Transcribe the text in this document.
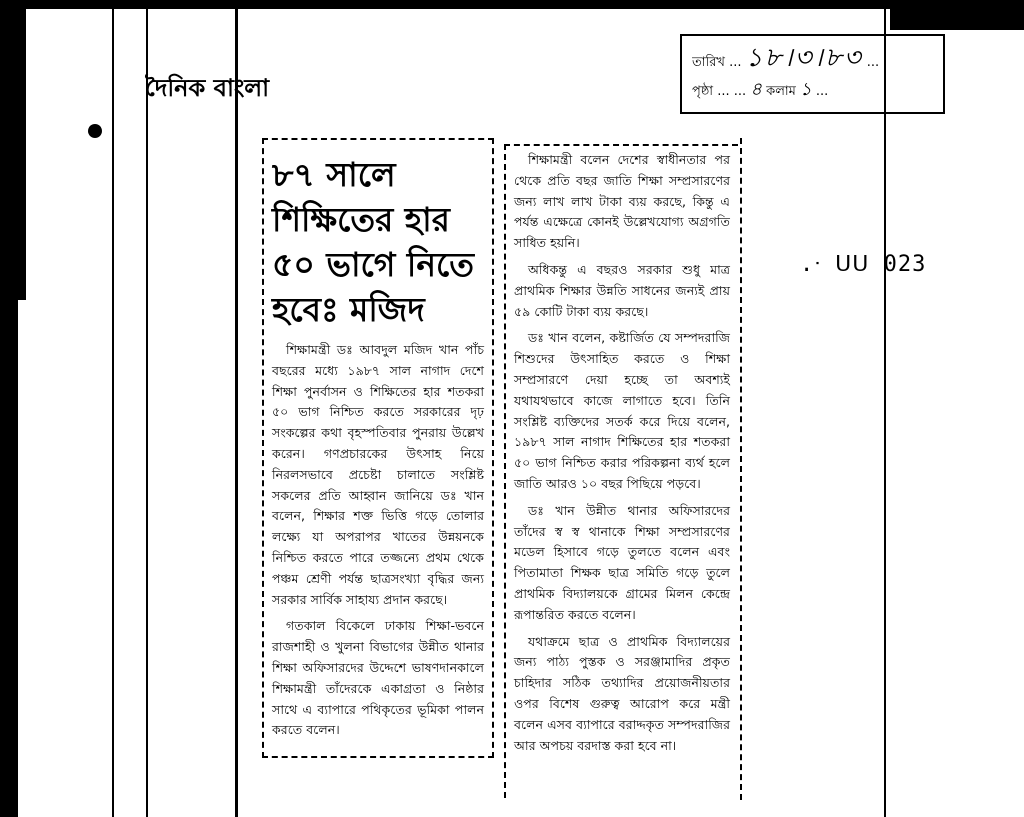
দৈনিক বাংলা
তারিখ ... ১৮।৩।৮৩ ...
পৃষ্ঠা ... ... ৪ কলাম ১ ...
.ᐧ ᑌᑌ 023
৮৭ সালে
শিক্ষিতের হার
৫০ ভাগে নিতে
হবেঃ মজিদ

শিক্ষামন্ত্রী ডঃ আবদুল মজিদ খান পাঁচ বছরের মধ্যে ১৯৮৭ সাল নাগাদ দেশে শিক্ষা পুনর্বাসন ও শিক্ষিতের হার শতকরা ৫০ ভাগ নিশ্চিত করতে সরকারের দৃঢ় সংকল্পের কথা বৃহস্পতিবার পুনরায় উল্লেখ করেন। গণপ্রচারকের উৎসাহ নিয়ে নিরলসভাবে প্রচেষ্টা চালাতে সংশ্লিষ্ট সকলের প্রতি আহ্বান জানিয়ে ডঃ খান বলেন, শিক্ষার শক্ত ভিত্তি গড়ে তোলার লক্ষ্যে যা অপরাপর খাতের উন্নয়নকে নিশ্চিত করতে পারে তজ্জন্যে প্রথম থেকে পঞ্চম শ্রেণী পর্যন্ত ছাত্রসংখ্যা বৃদ্ধির জন্য সরকার সার্বিক সাহায্য প্রদান করছে।

গতকাল বিকেলে ঢাকায় শিক্ষা-ভবনে রাজশাহী ও খুলনা বিভাগের উন্নীত থানার শিক্ষা অফিসারদের উদ্দেশে ভাষণদানকালে শিক্ষামন্ত্রী তাঁদেরকে একাগ্রতা ও নিষ্ঠার সাথে এ ব্যাপারে পথিকৃতের ভূমিকা পালন করতে বলেন।

শিক্ষামন্ত্রী বলেন দেশের স্বাধীনতার পর থেকে প্রতি বছর জাতি শিক্ষা সম্প্রসারণের জন্য লাখ লাখ টাকা ব্যয় করছে, কিন্তু এ পর্যন্ত এক্ষেত্রে কোনই উল্লেখযোগ্য অগ্রগতি সাধিত হয়নি।

অধিকন্তু এ বছরও সরকার শুধু মাত্র প্রাথমিক শিক্ষার উন্নতি সাধনের জন্যই প্রায় ৫৯ কোটি টাকা ব্যয় করছে।

ডঃ খান বলেন, কষ্টার্জিত যে সম্পদরাজি শিশুদের উৎসাহিত করতে ও শিক্ষা সম্প্রসারণে দেয়া হচ্ছে তা অবশ্যই যথাযথভাবে কাজে লাগাতে হবে। তিনি সংশ্লিষ্ট ব্যক্তিদের সতর্ক করে দিয়ে বলেন, ১৯৮৭ সাল নাগাদ শিক্ষিতের হার শতকরা ৫০ ভাগ নিশ্চিত করার পরিকল্পনা ব্যর্থ হলে জাতি আরও ১০ বছর পিছিয়ে পড়বে।

ডঃ খান উন্নীত থানার অফিসারদের তাঁদের স্ব স্ব থানাকে শিক্ষা সম্প্রসারণের মডেল হিসাবে গড়ে তুলতে বলেন এবং পিতামাতা শিক্ষক ছাত্র সমিতি গড়ে তুলে প্রাথমিক বিদ্যালয়কে গ্রামের মিলন কেন্দ্রে রূপান্তরিত করতে বলেন।

যথাক্রমে ছাত্র ও প্রাথমিক বিদ্যালয়ের জন্য পাঠ্য পুস্তক ও সরঞ্জামাদির প্রকৃত চাহিদার সঠিক তথ্যাদির প্রয়োজনীয়তার ওপর বিশেষ গুরুত্ব আরোপ করে মন্ত্রী বলেন এসব ব্যাপারে বরাদ্দকৃত সম্পদরাজির আর অপচয় বরদাস্ত করা হবে না।
